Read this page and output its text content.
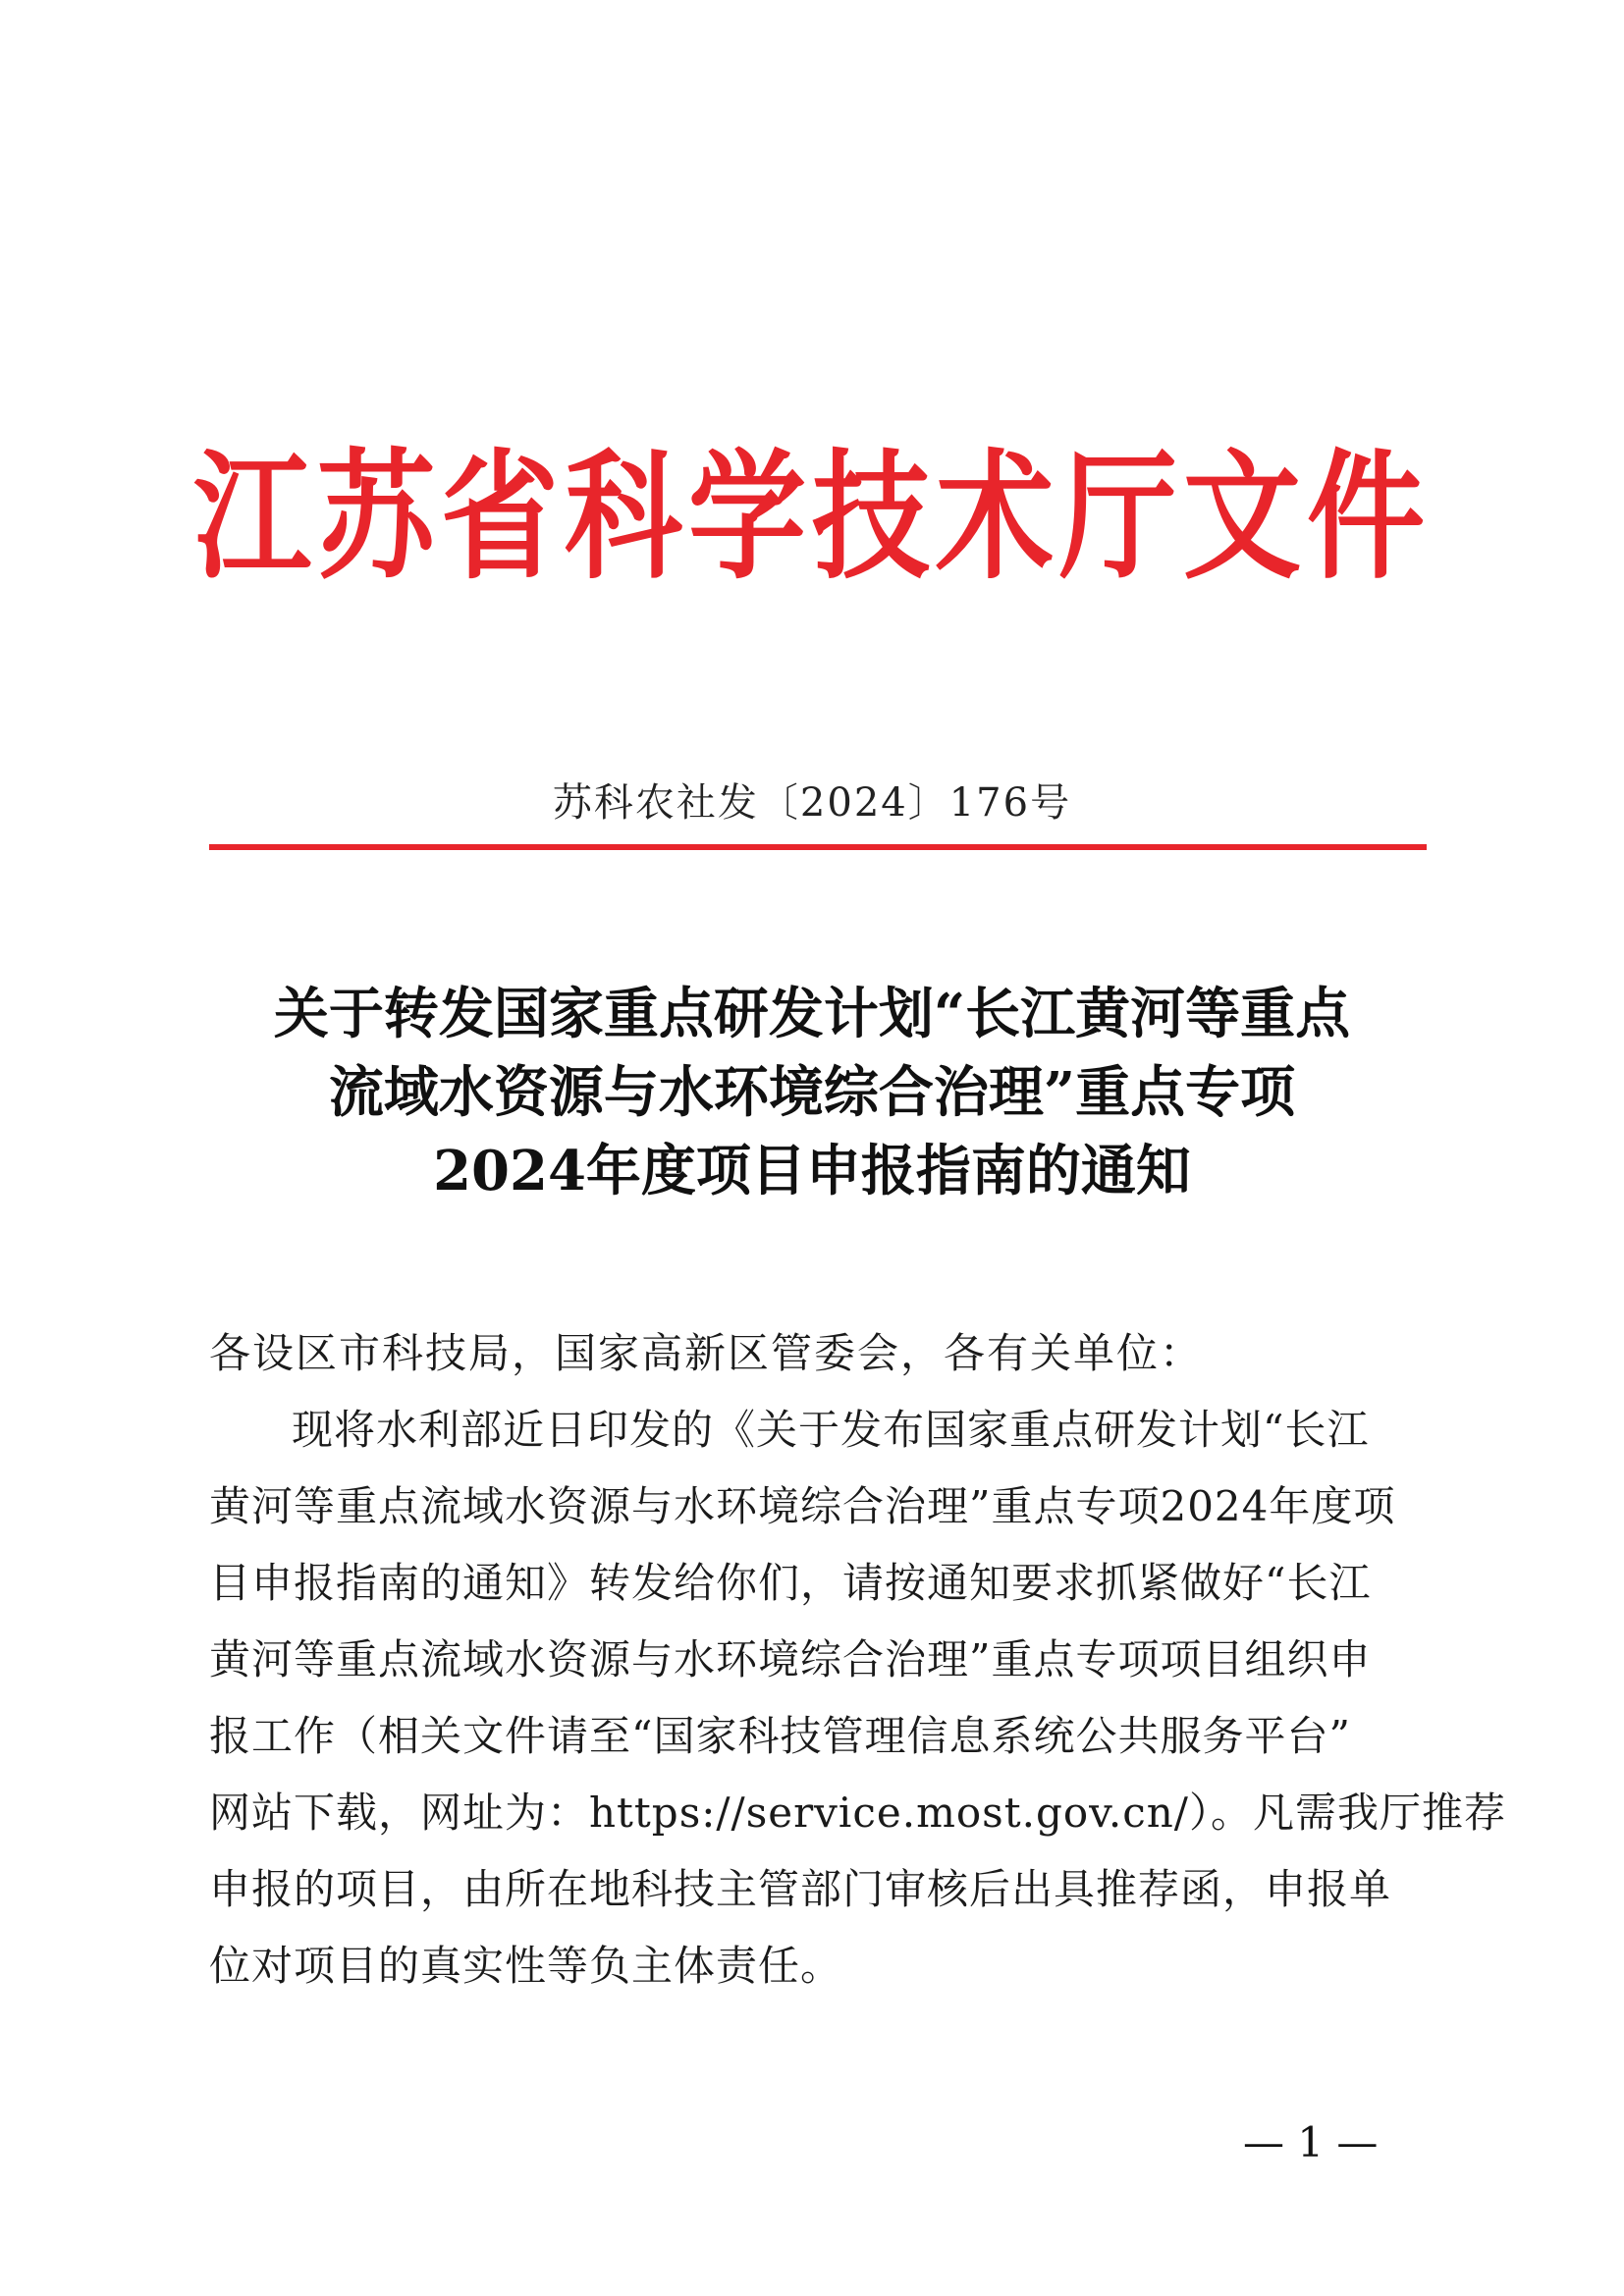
江苏省科学技术厅文件
苏科农社发〔2024〕176号
关于转发国家重点研发计划“长江黄河等重点
流域水资源与水环境综合治理”重点专项
2024年度项目申报指南的通知
各设区市科技局，国家高新区管委会，各有关单位：
现将水利部近日印发的《关于发布国家重点研发计划“长江
黄河等重点流域水资源与水环境综合治理”重点专项2024年度项
目申报指南的通知》转发给你们，请按通知要求抓紧做好“长江
黄河等重点流域水资源与水环境综合治理”重点专项项目组织申
报工作（相关文件请至“国家科技管理信息系统公共服务平台”
网站下载，网址为：https://service.most.gov.cn/）。凡需我厅推荐
申报的项目，由所在地科技主管部门审核后出具推荐函，申报单
位对项目的真实性等负主体责任。
— 1 —
